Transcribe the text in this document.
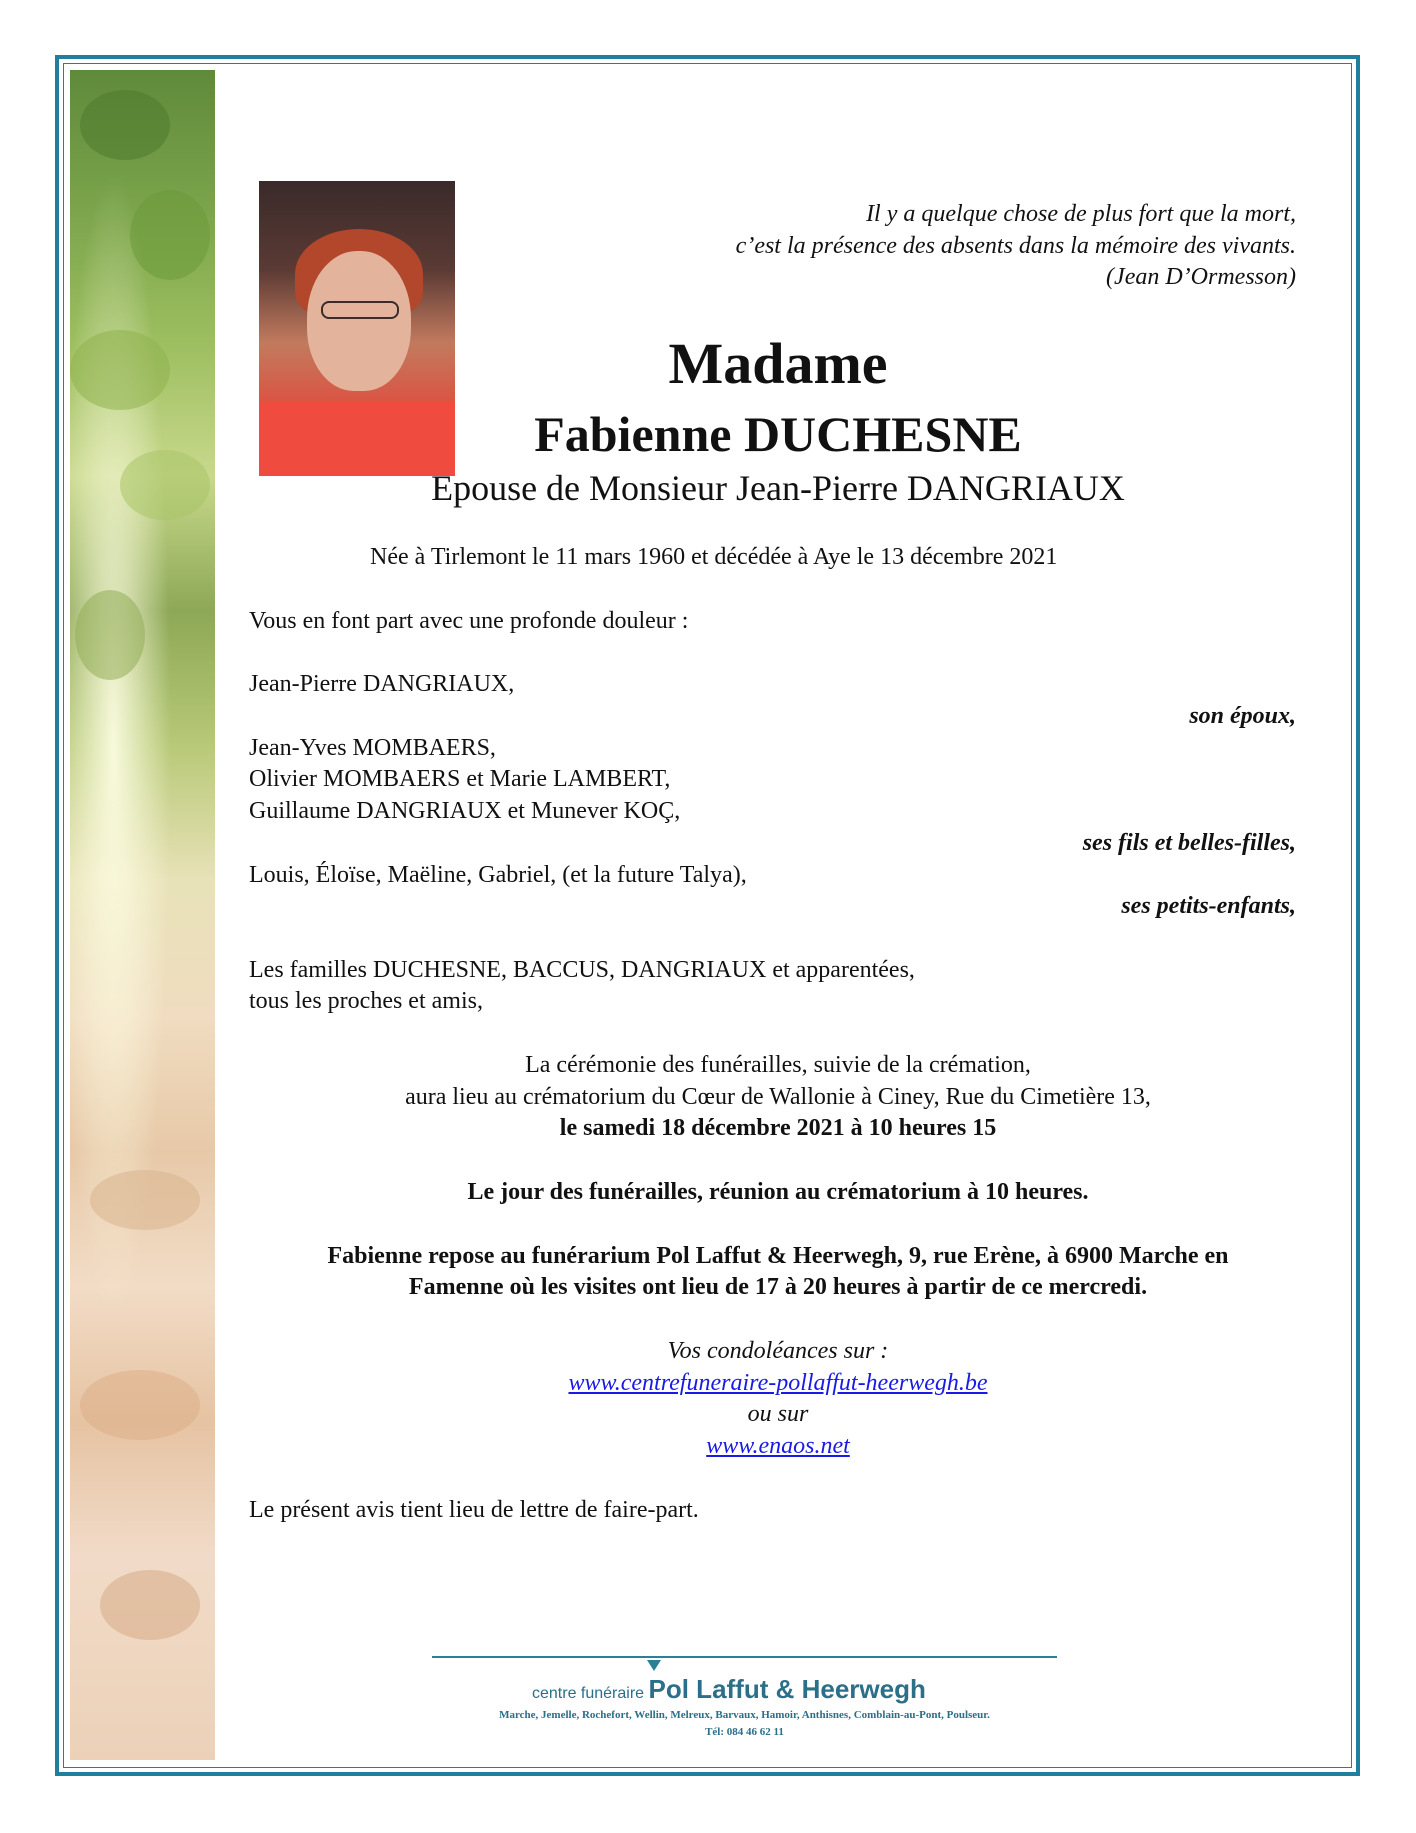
Il y a quelque chose de plus fort que la mort,
c’est la présence des absents dans la mémoire des vivants.
(Jean D’Ormesson)
Madame
Fabienne DUCHESNE
Epouse de Monsieur Jean-Pierre DANGRIAUX
Née à Tirlemont le 11 mars 1960 et décédée à Aye le 13 décembre 2021
Vous en font part avec une profonde douleur :
Jean-Pierre DANGRIAUX,
son époux,
Jean-Yves MOMBAERS,
Olivier MOMBAERS et Marie LAMBERT,
Guillaume DANGRIAUX et Munever KOÇ,
ses fils et belles-filles,
Louis, Éloïse, Maëline, Gabriel, (et la future Talya),
ses petits-enfants,
Les familles DUCHESNE, BACCUS, DANGRIAUX et apparentées,
tous les proches et amis,
La cérémonie des funérailles, suivie de la crémation,
aura lieu au crématorium du Cœur de Wallonie à Ciney, Rue du Cimetière 13,
le samedi 18 décembre 2021 à 10 heures 15
Le jour des funérailles, réunion au crématorium à 10 heures.
Fabienne repose au funérarium Pol Laffut & Heerwegh, 9, rue Erène, à 6900 Marche en
Famenne où les visites ont lieu de 17 à 20 heures à partir de ce mercredi.
Vos condoléances sur :
www.centrefuneraire-pollaffut-heerwegh.be
ou sur
www.enaos.net
Le présent avis tient lieu de lettre de faire-part.
centre funéraire Pol Laffut & Heerwegh
Marche, Jemelle, Rochefort, Wellin, Melreux, Barvaux, Hamoir, Anthisnes, Comblain-au-Pont, Poulseur.
Tél: 084 46 62 11
